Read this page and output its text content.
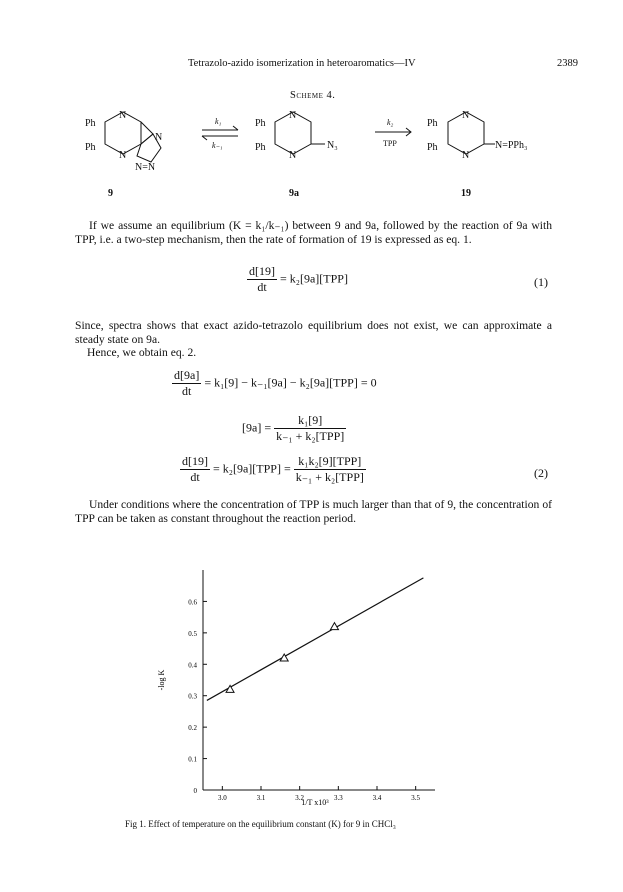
Tetrazolo-azido isomerization in heteroaromatics—IV	2389
Scheme 4.
Ph
Ph
N
N
N
N=N
k₁
k₋₁
Ph
Ph
N
N
N₃
k₂
TPP
Ph
Ph
N
N
N=PPh₃
9	9a	19
If we assume an equilibrium (K = k₁/k₋₁) between 9 and 9a, followed by the reaction of 9a with TPP, i.e. a two-step mechanism, then the rate of formation of 19 is expressed as eq. 1.
$\frac{d[19]}{dt} = k_2[9a][TPP]$	(1)
Since, spectra shows that exact azido-tetrazolo equilibrium does not exist, we can approximate a steady state on 9a.
Hence, we obtain eq. 2.
$\frac{d[9a]}{dt} = k_1[9] - k_{-1}[9a] - k_2[9a][TPP] = 0$
$[9a] = \frac{\text{k₁[9]}}{\text{k₋₁ + k₂[TPP]}}$
$\frac{d[19]}{dt} = k_2[9a][TPP] = \frac{\text{k₁k₂[9][TPP]}}{\text{k₋₁ + k₂[TPP]}}$	(2)
Under conditions where the concentration of TPP is much larger than that of 9, the concentration of TPP can be taken as constant throughout the reaction period.
3.0	3.1	3.2	3.3	3.4	3.5
0
0.1
0.2
0.3
0.4
0.5
0.6
1/T x10³
-log K
Fig 1. Effect of temperature on the equilibrium constant (K) for 9 in CHCl₃
